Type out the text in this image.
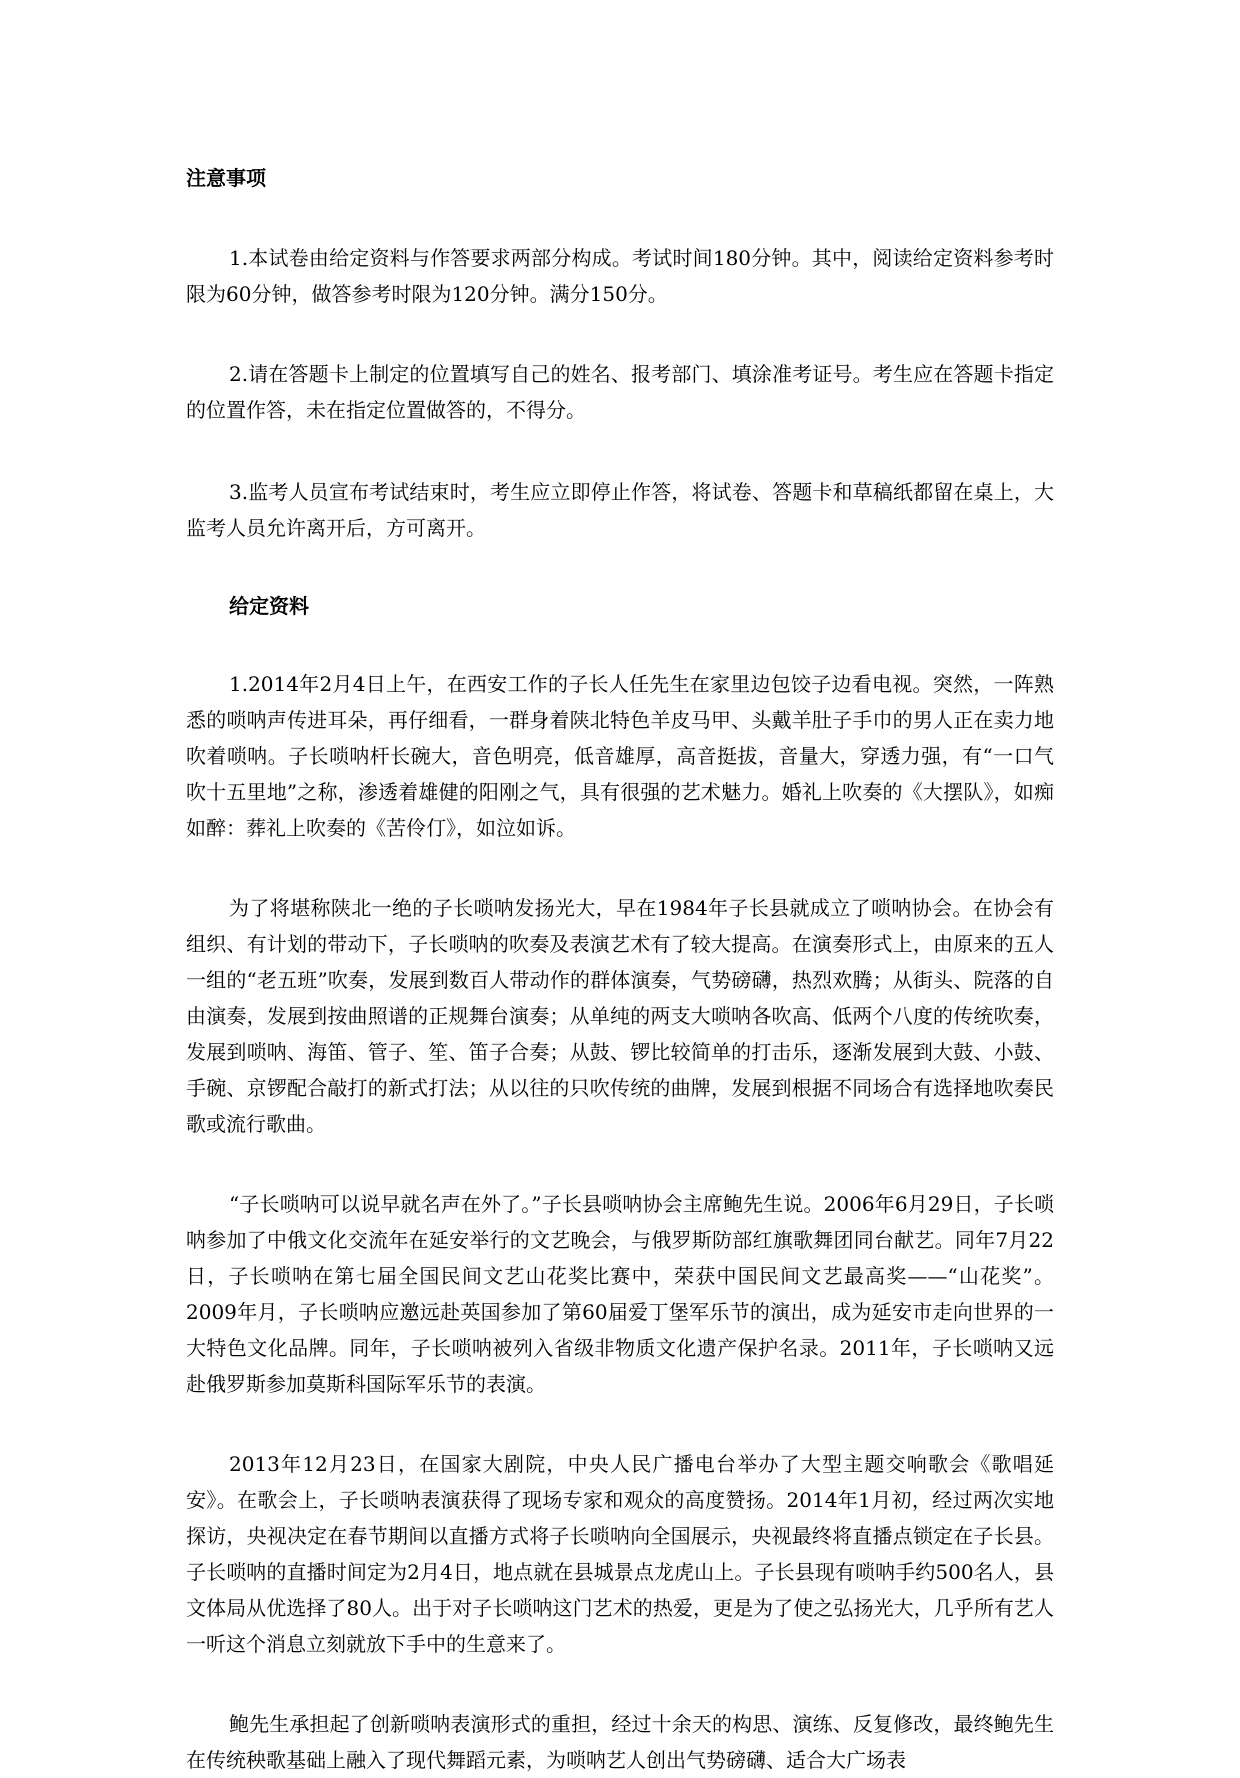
注意事项

1.本试卷由给定资料与作答要求两部分构成。考试时间180分钟。其中，阅读给定资料参考时限为60分钟，做答参考时限为120分钟。满分150分。

2.请在答题卡上制定的位置填写自己的姓名、报考部门、填涂准考证号。考生应在答题卡指定的位置作答，未在指定位置做答的，不得分。

3.监考人员宣布考试结束时，考生应立即停止作答，将试卷、答题卡和草稿纸都留在桌上，大监考人员允许离开后，方可离开。

给定资料

1.2014年2月4日上午，在西安工作的子长人任先生在家里边包饺子边看电视。突然，一阵熟悉的唢呐声传进耳朵，再仔细看，一群身着陕北特色羊皮马甲、头戴羊肚子手巾的男人正在卖力地吹着唢呐。子长唢呐杆长碗大，音色明亮，低音雄厚，高音挺拔，音量大，穿透力强，有“一口气吹十五里地”之称，渗透着雄健的阳刚之气，具有很强的艺术魅力。婚礼上吹奏的《大摆队》，如痴如醉：葬礼上吹奏的《苦伶仃》，如泣如诉。

为了将堪称陕北一绝的子长唢呐发扬光大，早在1984年子长县就成立了唢呐协会。在协会有组织、有计划的带动下，子长唢呐的吹奏及表演艺术有了较大提高。在演奏形式上，由原来的五人一组的“老五班”吹奏，发展到数百人带动作的群体演奏，气势磅礴，热烈欢腾；从街头、院落的自由演奏，发展到按曲照谱的正规舞台演奏；从单纯的两支大唢呐各吹高、低两个八度的传统吹奏，发展到唢呐、海笛、管子、笙、笛子合奏；从鼓、锣比较简单的打击乐，逐渐发展到大鼓、小鼓、手碗、京锣配合敲打的新式打法；从以往的只吹传统的曲牌，发展到根据不同场合有选择地吹奏民歌或流行歌曲。

“子长唢呐可以说早就名声在外了。”子长县唢呐协会主席鲍先生说。2006年6月29日，子长唢呐参加了中俄文化交流年在延安举行的文艺晚会，与俄罗斯防部红旗歌舞团同台献艺。同年7月22日，子长唢呐在第七届全国民间文艺山花奖比赛中，荣获中国民间文艺最高奖——“山花奖”。2009年月，子长唢呐应邀远赴英国参加了第60届爱丁堡军乐节的演出，成为延安市走向世界的一大特色文化品牌。同年，子长唢呐被列入省级非物质文化遗产保护名录。2011年，子长唢呐又远赴俄罗斯参加莫斯科国际军乐节的表演。

2013年12月23日，在国家大剧院，中央人民广播电台举办了大型主题交响歌会《歌唱延安》。在歌会上，子长唢呐表演获得了现场专家和观众的高度赞扬。2014年1月初，经过两次实地探访，央视决定在春节期间以直播方式将子长唢呐向全国展示，央视最终将直播点锁定在子长县。子长唢呐的直播时间定为2月4日，地点就在县城景点龙虎山上。子长县现有唢呐手约500名人，县文体局从优选择了80人。出于对子长唢呐这门艺术的热爱，更是为了使之弘扬光大，几乎所有艺人一听这个消息立刻就放下手中的生意来了。

鲍先生承担起了创新唢呐表演形式的重担，经过十余天的构思、演练、反复修改，最终鲍先生在传统秧歌基础上融入了现代舞蹈元素，为唢呐艺人创出气势磅礴、适合大广场表
